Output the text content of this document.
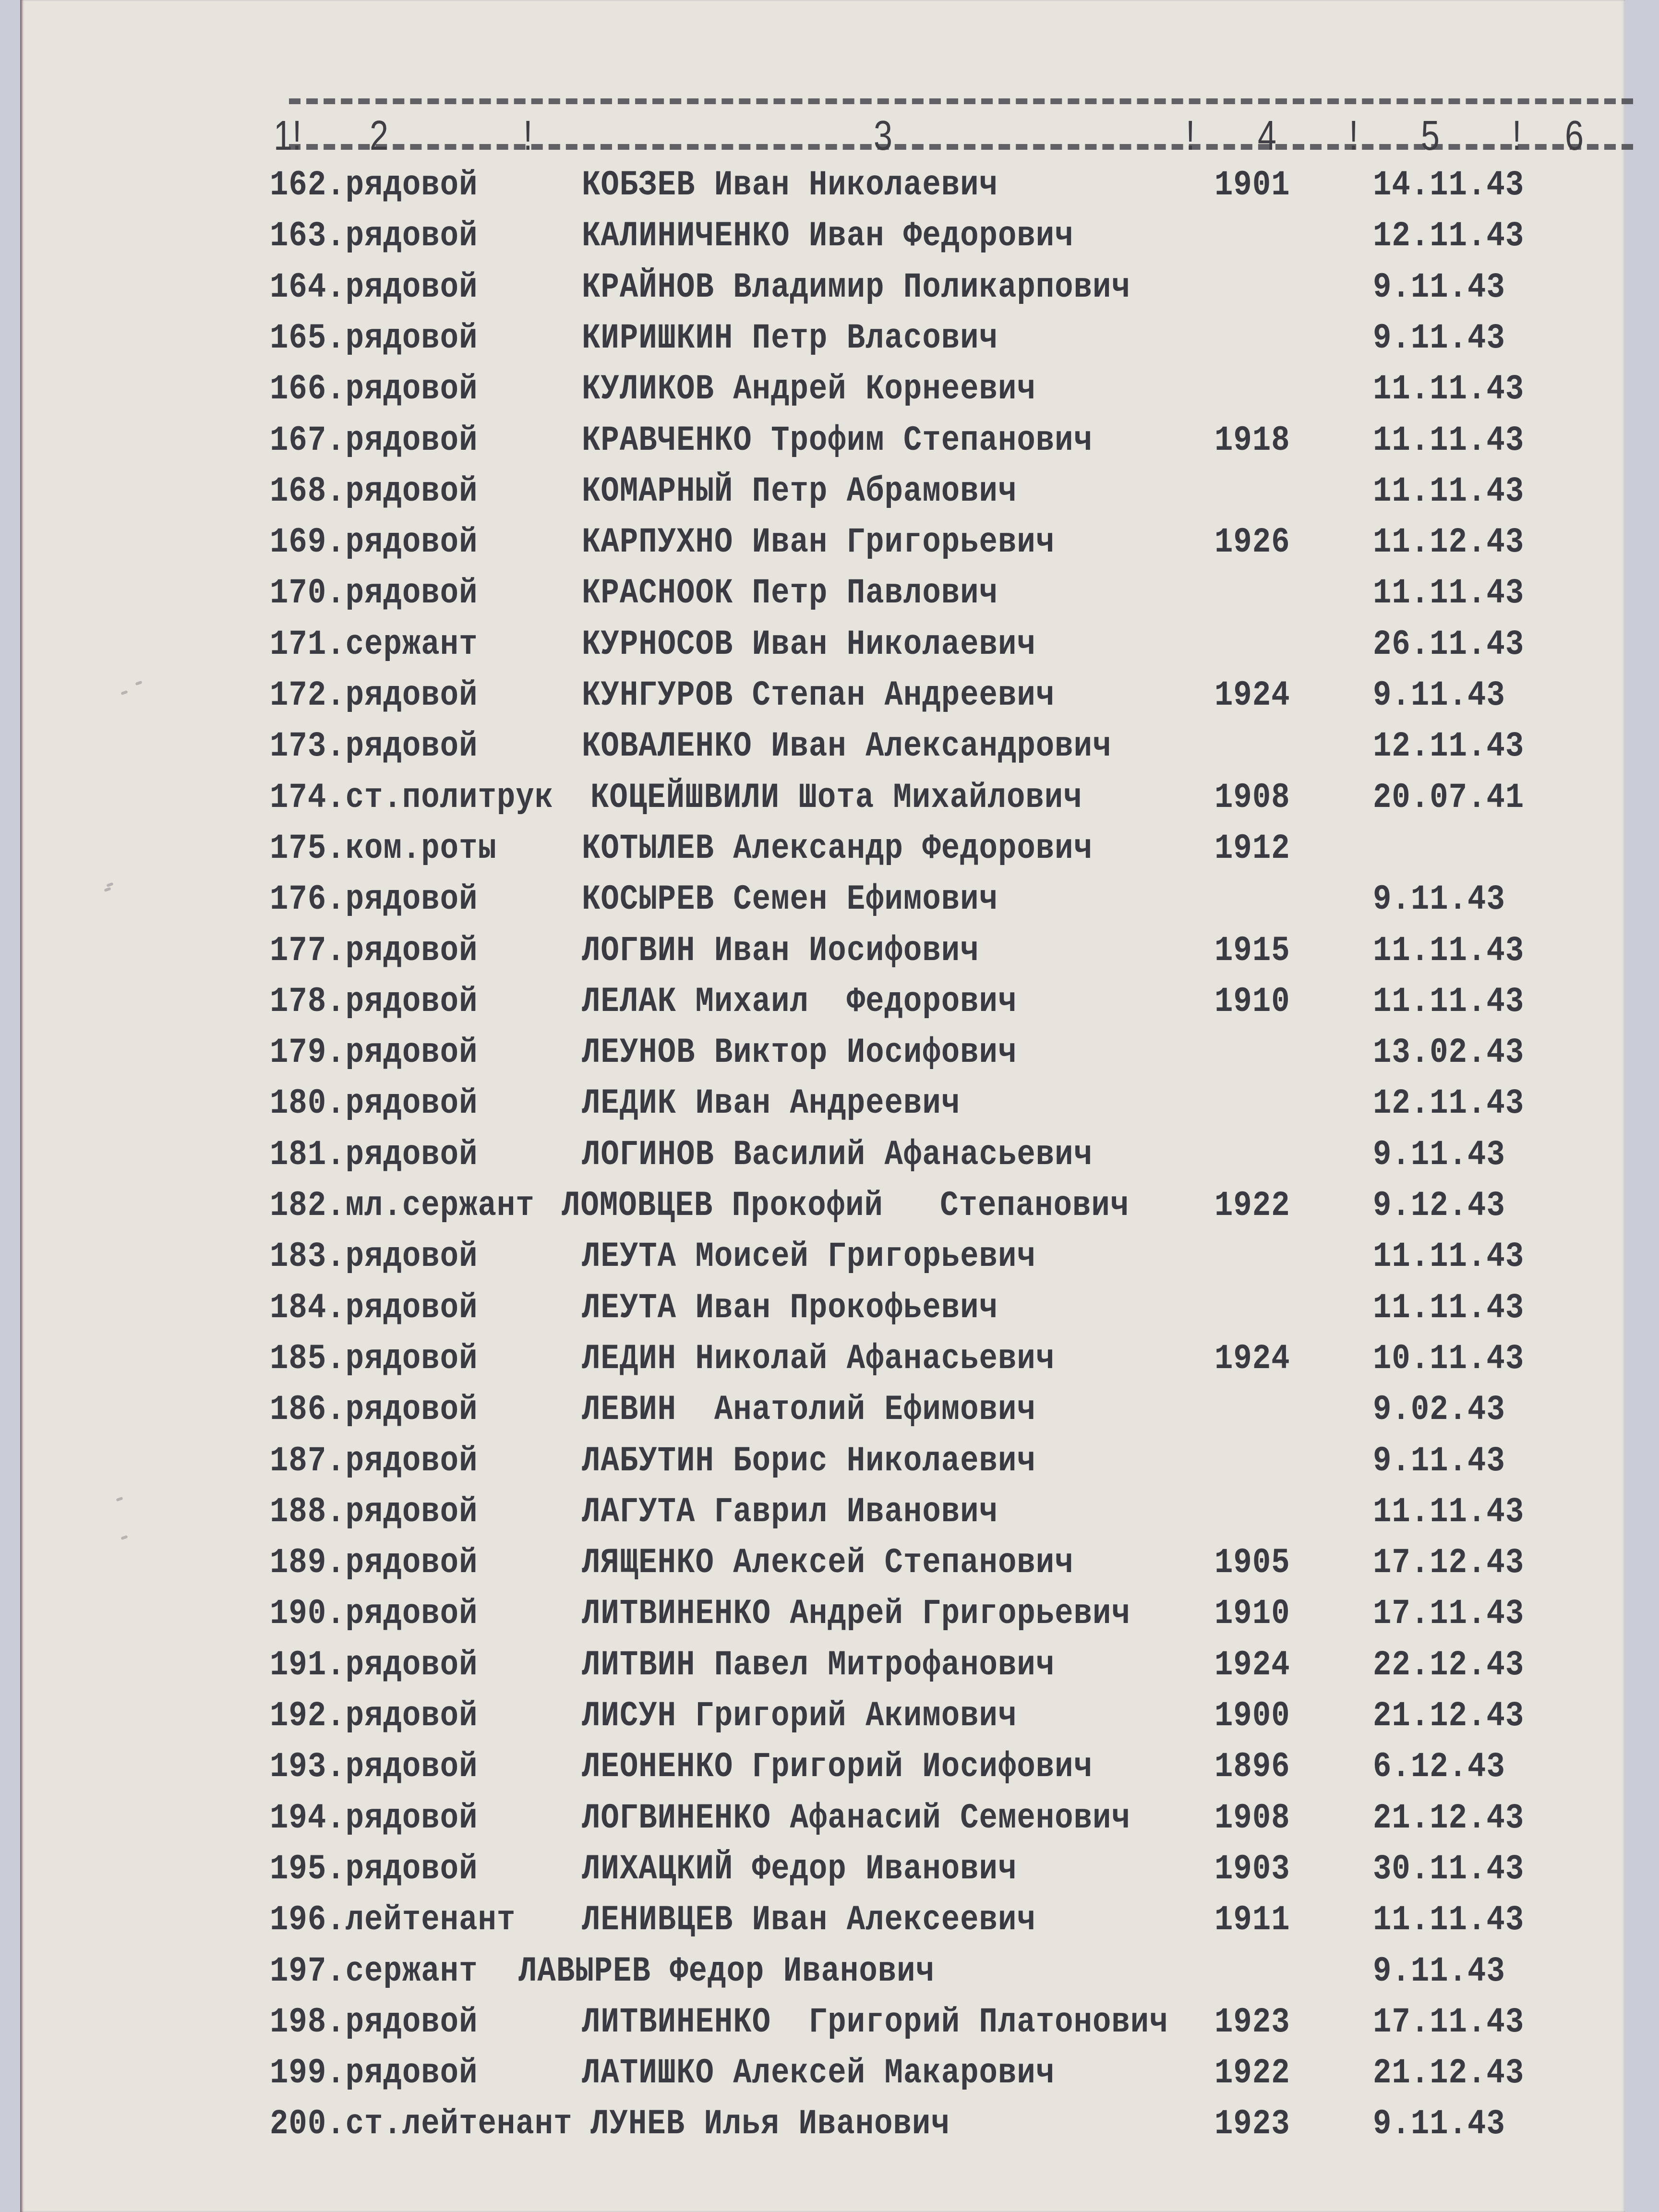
1! 2	!	3	! 4 ! 5 ! 6
162.рядовой	КОБЗЕВ Иван Николаевич	1901	14.11.43
163.рядовой	КАЛИНИЧЕНКО Иван Федорович	12.11.43
164.рядовой	КРАЙНОВ Владимир Поликарпович	9.11.43
165.рядовой	КИРИШКИН Петр Власович	9.11.43
166.рядовой	КУЛИКОВ Андрей Корнеевич	11.11.43
167.рядовой	КРАВЧЕНКО Трофим Степанович	1918	11.11.43
168.рядовой	КОМАРНЫЙ Петр Абрамович	11.11.43
169.рядовой	КАРПУХНО Иван Григорьевич	1926	11.12.43
170.рядовой	КРАСНООК Петр Павлович	11.11.43
171.сержант	КУРНОСОВ Иван Николаевич	26.11.43
172.рядовой	КУНГУРОВ Степан Андреевич	1924	9.11.43
173.рядовой	КОВАЛЕНКО Иван Александрович	12.11.43
174.ст.политрук КОЦЕЙШВИЛИ Шота Михайлович	1908	20.07.41
175.ком.роты	КОТЫЛЕВ Александр Федорович	1912
176.рядовой	КОСЫРЕВ Семен Ефимович	9.11.43
177.рядовой	ЛОГВИН Иван Иосифович	1915	11.11.43
178.рядовой	ЛЕЛАК Михаил  Федорович	1910	11.11.43
179.рядовой	ЛЕУНОВ Виктор Иосифович	13.02.43
180.рядовой	ЛЕДИК Иван Андреевич	12.11.43
181.рядовой	ЛОГИНОВ Василий Афанасьевич	9.11.43
182.мл.сержант ЛОМОВЦЕВ Прокофий   Степанович	1922	9.12.43
183.рядовой	ЛЕУТА Моисей Григорьевич	11.11.43
184.рядовой	ЛЕУТА Иван Прокофьевич	11.11.43
185.рядовой	ЛЕДИН Николай Афанасьевич	1924	10.11.43
186.рядовой	ЛЕВИН  Анатолий Ефимович	9.02.43
187.рядовой	ЛАБУТИН Борис Николаевич	9.11.43
188.рядовой	ЛАГУТА Гаврил Иванович	11.11.43
189.рядовой	ЛЯЩЕНКО Алексей Степанович	1905	17.12.43
190.рядовой	ЛИТВИНЕНКО Андрей Григорьевич	1910	17.11.43
191.рядовой	ЛИТВИН Павел Митрофанович	1924	22.12.43
192.рядовой	ЛИСУН Григорий Акимович	1900	21.12.43
193.рядовой	ЛЕОНЕНКО Григорий Иосифович	1896	6.12.43
194.рядовой	ЛОГВИНЕНКО Афанасий Семенович	1908	21.12.43
195.рядовой	ЛИХАЦКИЙ Федор Иванович	1903	30.11.43
196.лейтенант ЛЕНИВЦЕВ Иван Алексеевич	1911	11.11.43
197.сержант ЛАВЫРЕВ Федор Иванович	9.11.43
198.рядовой	ЛИТВИНЕНКО  Григорий Платонович 1923	17.11.43
199.рядовой	ЛАТИШКО Алексей Макарович	1922	21.12.43
200.ст.лейтенант ЛУНЕВ Илья Иванович	1923	9.11.43
